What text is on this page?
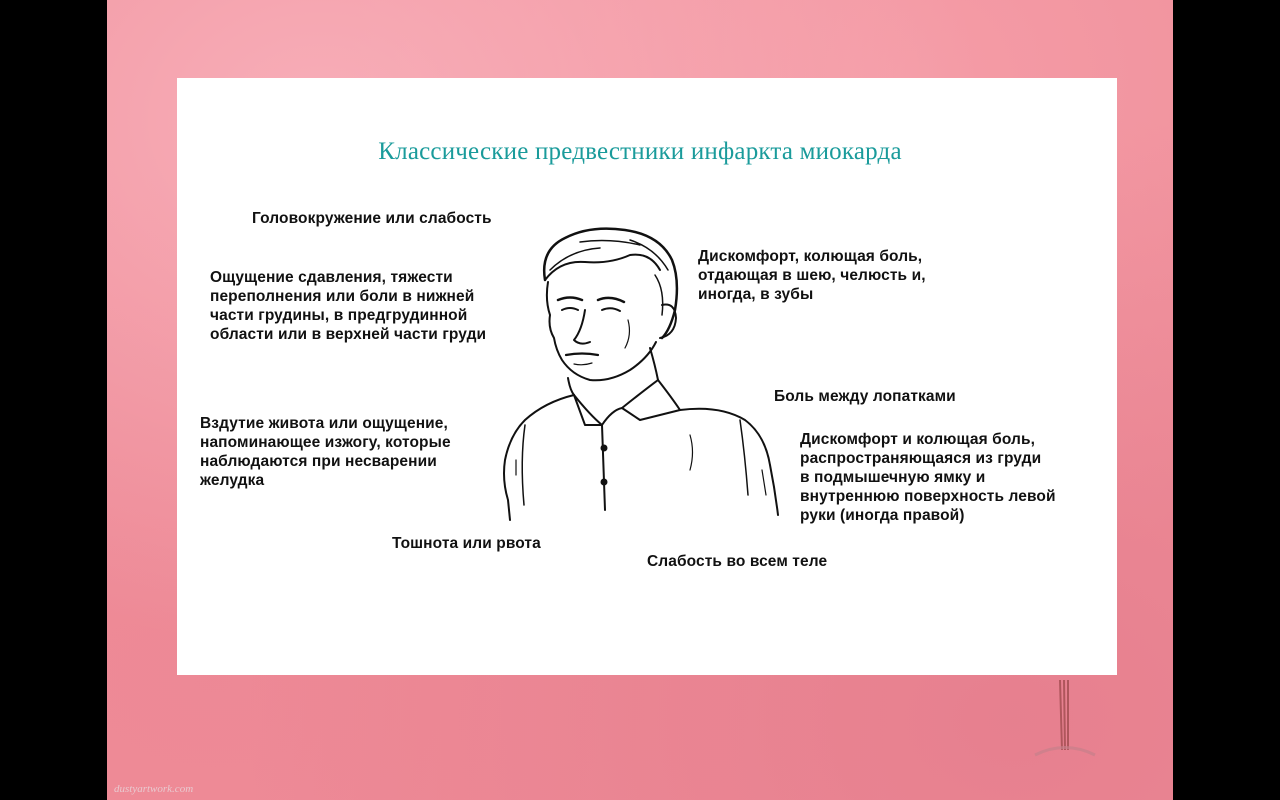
Классические предвестники инфаркта миокарда
Головокружение или слабость
Ощущение сдавления, тяжести
переполнения или боли в нижней
части грудины, в предгрудинной
области или в верхней части груди
Вздутие живота или ощущение,
напоминающее изжогу, которые
наблюдаются при несварении
желудка
Тошнота или рвота
Дискомфорт, колющая боль,
отдающая в шею, челюсть и,
иногда, в зубы
Боль между лопатками
Дискомфорт и колющая боль,
распространяющаяся из груди
в подмышечную ямку и
внутреннюю поверхность левой
руки (иногда правой)
Слабость во всем теле
dustyartwork.com
